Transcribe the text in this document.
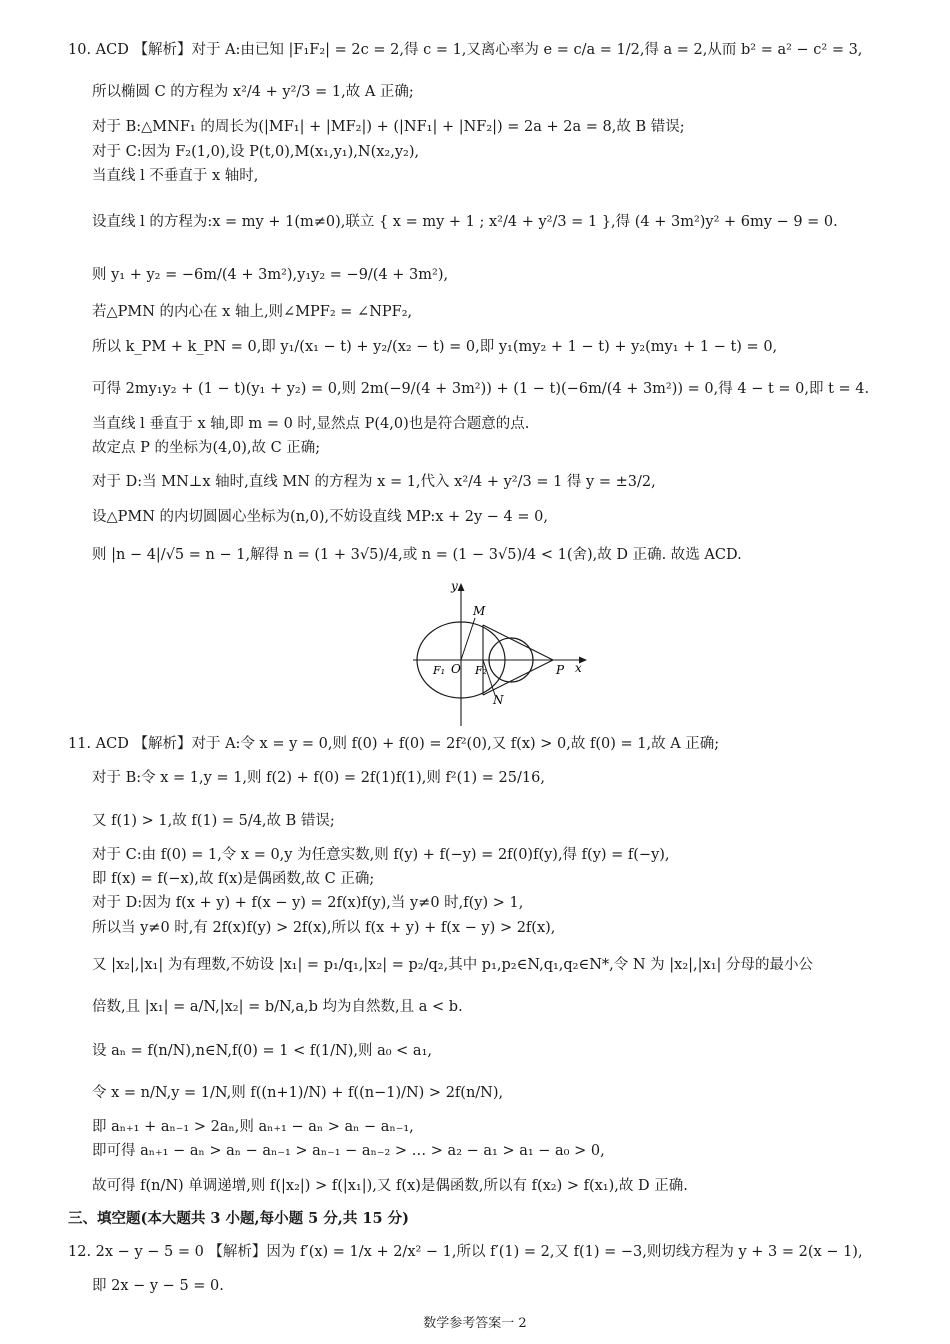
10. ACD 【解析】对于 A:由已知 |F₁F₂| = 2c = 2,得 c = 1,又离心率为 e = c/a = 1/2,得 a = 2,从而 b² = a² − c² = 3,
所以椭圆 C 的方程为 x²/4 + y²/3 = 1,故 A 正确;
对于 B:△MNF₁ 的周长为(|MF₁| + |MF₂|) + (|NF₁| + |NF₂|) = 2a + 2a = 8,故 B 错误;
对于 C:因为 F₂(1,0),设 P(t,0),M(x₁,y₁),N(x₂,y₂),
当直线 l 不垂直于 x 轴时,
设直线 l 的方程为:x = my + 1(m≠0),联立 { x = my + 1 ; x²/4 + y²/3 = 1 },得 (4 + 3m²)y² + 6my − 9 = 0.
则 y₁ + y₂ = −6m/(4 + 3m²),y₁y₂ = −9/(4 + 3m²),
若△PMN 的内心在 x 轴上,则∠MPF₂ = ∠NPF₂,
所以 k_PM + k_PN = 0,即 y₁/(x₁ − t) + y₂/(x₂ − t) = 0,即 y₁(my₂ + 1 − t) + y₂(my₁ + 1 − t) = 0,
可得 2my₁y₂ + (1 − t)(y₁ + y₂) = 0,则 2m(−9/(4 + 3m²)) + (1 − t)(−6m/(4 + 3m²)) = 0,得 4 − t = 0,即 t = 4.
当直线 l 垂直于 x 轴,即 m = 0 时,显然点 P(4,0)也是符合题意的点.
故定点 P 的坐标为(4,0),故 C 正确;
对于 D:当 MN⊥x 轴时,直线 MN 的方程为 x = 1,代入 x²/4 + y²/3 = 1 得 y = ±3/2,
设△PMN 的内切圆圆心坐标为(n,0),不妨设直线 MP:x + 2y − 4 = 0,
则 |n − 4|/√5 = n − 1,解得 n = (1 + 3√5)/4,或 n = (1 − 3√5)/4 < 1(舍),故 D 正确. 故选 ACD.
y
x
M
N
O
F₁	F₂	P
11. ACD 【解析】对于 A:令 x = y = 0,则 f(0) + f(0) = 2f²(0),又 f(x) > 0,故 f(0) = 1,故 A 正确;
对于 B:令 x = 1,y = 1,则 f(2) + f(0) = 2f(1)f(1),则 f²(1) = 25/16,
又 f(1) > 1,故 f(1) = 5/4,故 B 错误;
对于 C:由 f(0) = 1,令 x = 0,y 为任意实数,则 f(y) + f(−y) = 2f(0)f(y),得 f(y) = f(−y),
即 f(x) = f(−x),故 f(x)是偶函数,故 C 正确;
对于 D:因为 f(x + y) + f(x − y) = 2f(x)f(y),当 y≠0 时,f(y) > 1,
所以当 y≠0 时,有 2f(x)f(y) > 2f(x),所以 f(x + y) + f(x − y) > 2f(x),
又 |x₂|,|x₁| 为有理数,不妨设 |x₁| = p₁/q₁,|x₂| = p₂/q₂,其中 p₁,p₂∈N,q₁,q₂∈N*,令 N 为 |x₂|,|x₁| 分母的最小公
倍数,且 |x₁| = a/N,|x₂| = b/N,a,b 均为自然数,且 a < b.
设 aₙ = f(n/N),n∈N,f(0) = 1 < f(1/N),则 a₀ < a₁,
令 x = n/N,y = 1/N,则 f((n+1)/N) + f((n−1)/N) > 2f(n/N),
即 aₙ₊₁ + aₙ₋₁ > 2aₙ,则 aₙ₊₁ − aₙ > aₙ − aₙ₋₁,
即可得 aₙ₊₁ − aₙ > aₙ − aₙ₋₁ > aₙ₋₁ − aₙ₋₂ > … > a₂ − a₁ > a₁ − a₀ > 0,
故可得 f(n/N) 单调递增,则 f(|x₂|) > f(|x₁|),又 f(x)是偶函数,所以有 f(x₂) > f(x₁),故 D 正确.
三、填空题(本大题共 3 小题,每小题 5 分,共 15 分)
12. 2x − y − 5 = 0 【解析】因为 f′(x) = 1/x + 2/x² − 1,所以 f′(1) = 2,又 f(1) = −3,则切线方程为 y + 3 = 2(x − 1),
即 2x − y − 5 = 0.
数学参考答案一 2
